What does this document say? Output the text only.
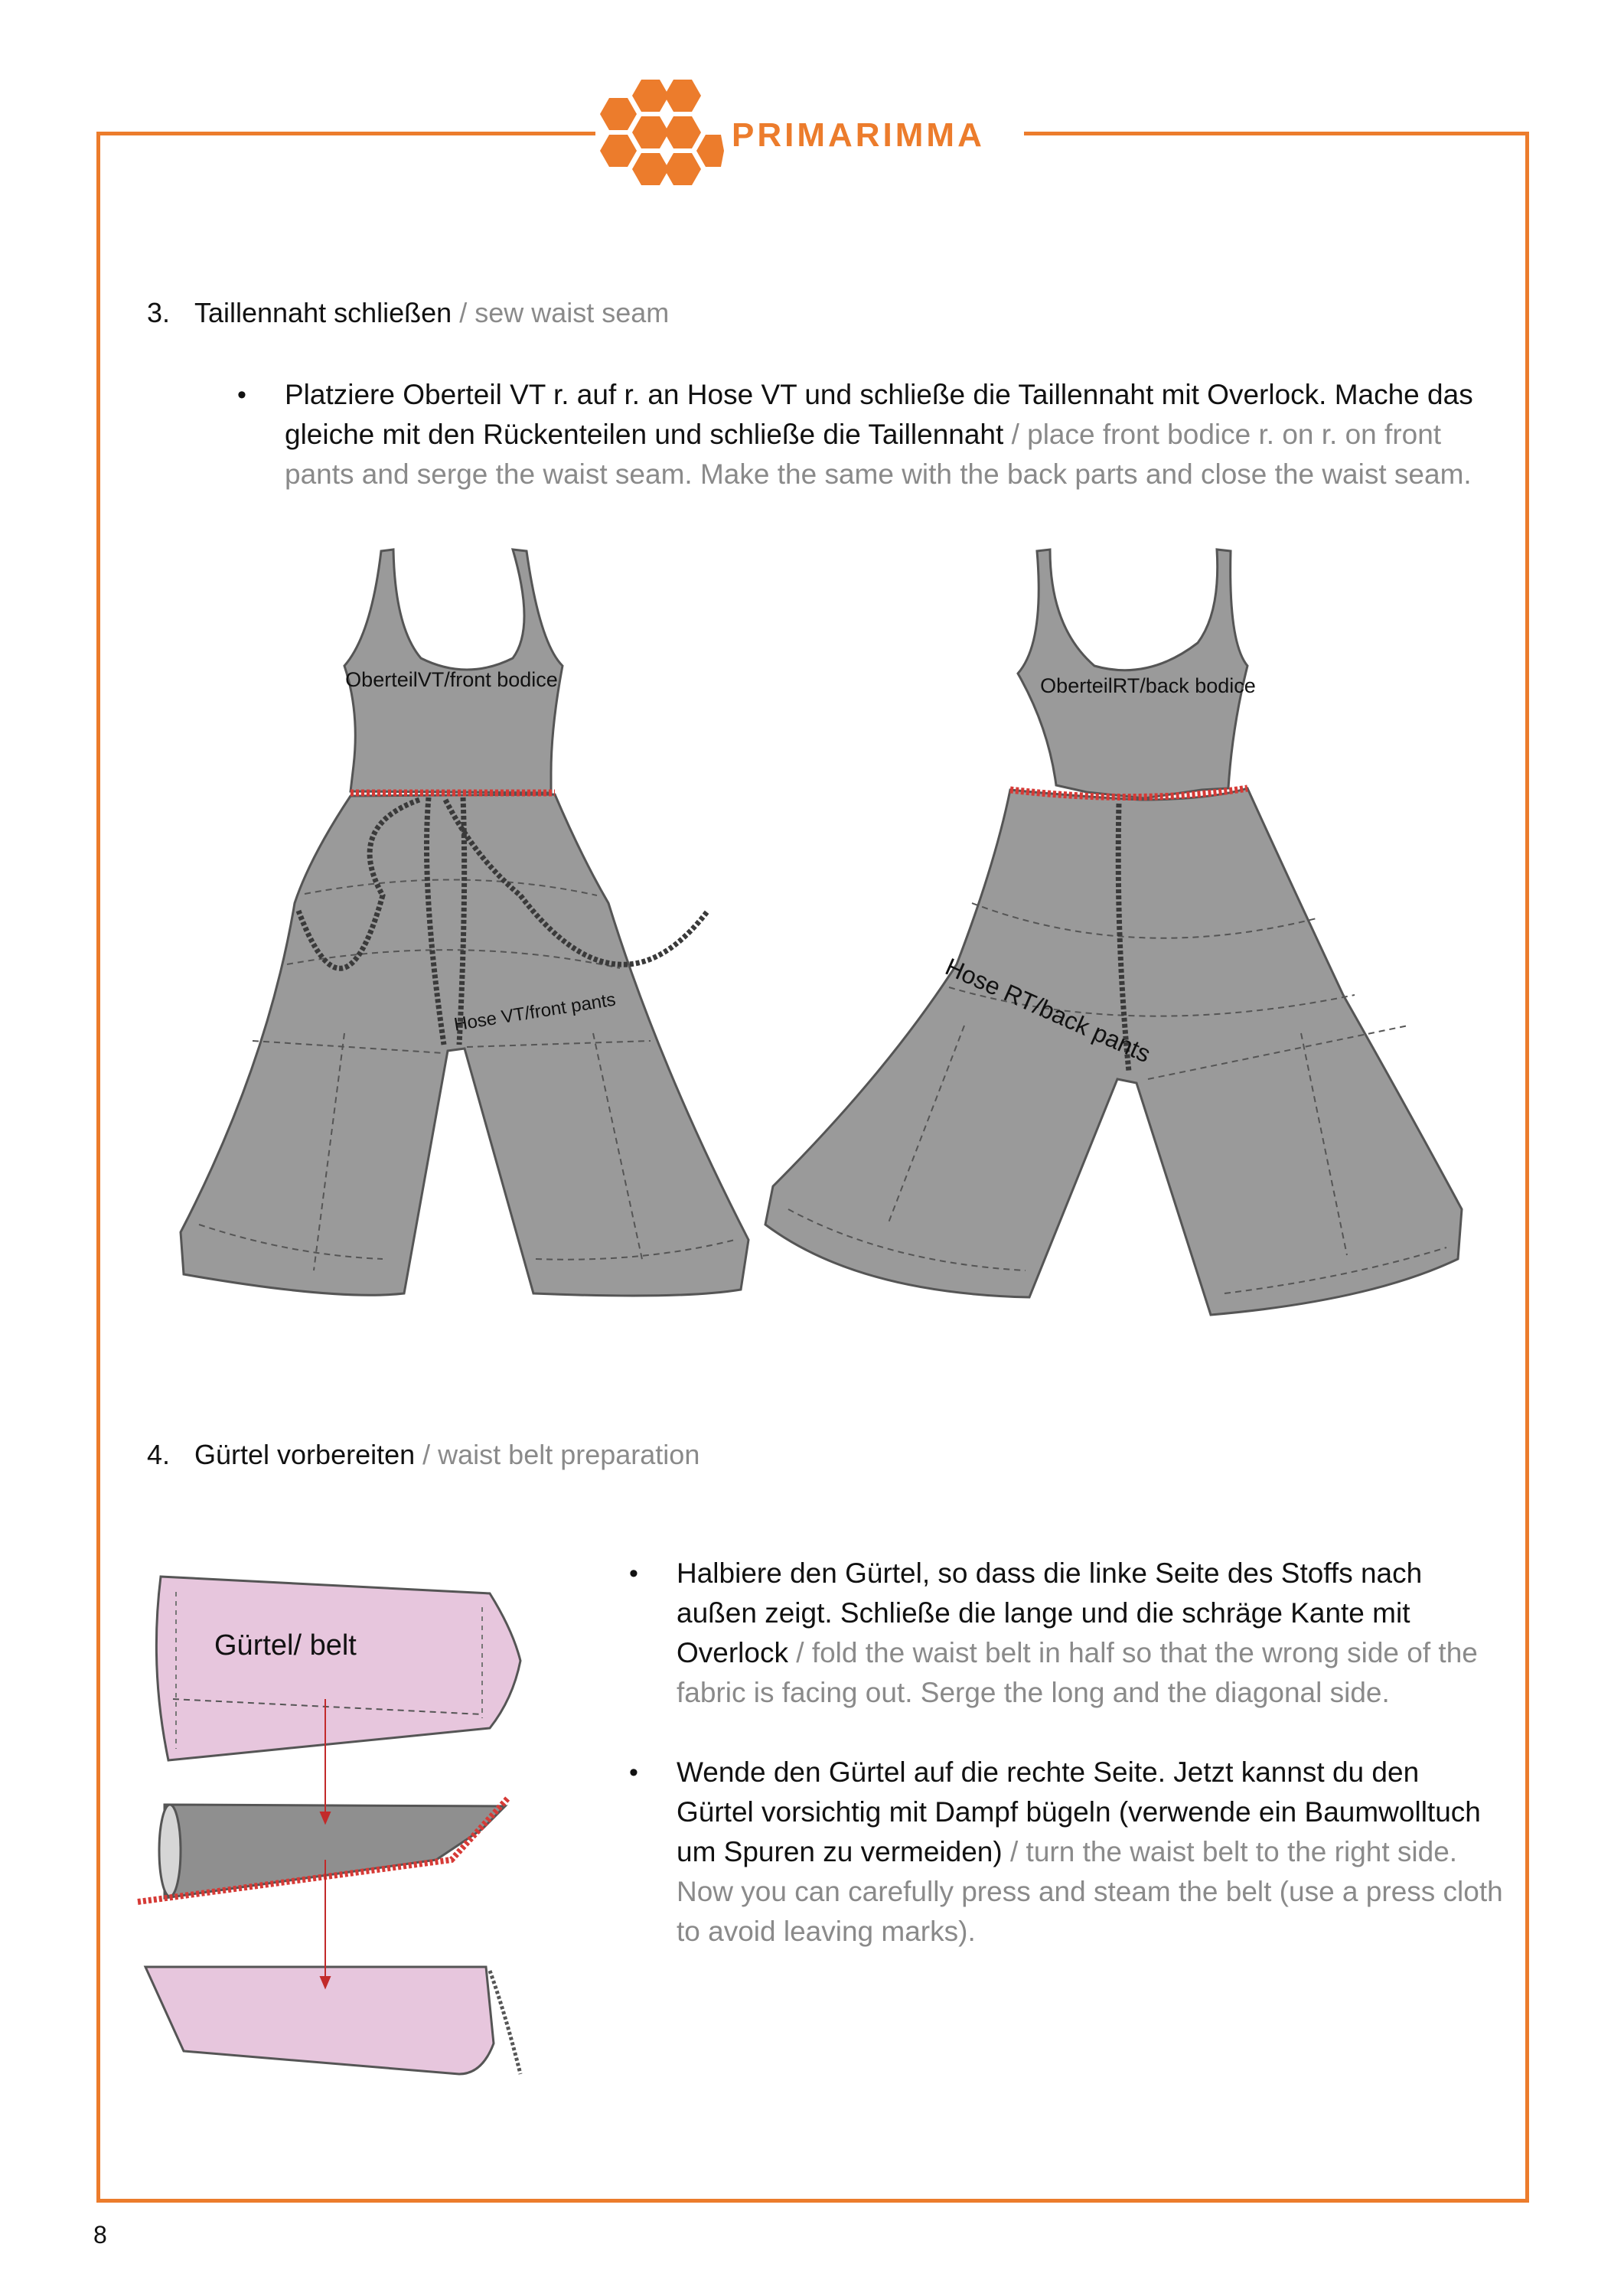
PRIMARIMMA
3. Taillennaht schließen / sew waist seam
• Platziere Oberteil VT r. auf r. an Hose VT und schließe die Taillennaht mit Overlock. Mache das gleiche mit den Rückenteilen und schließe die Taillennaht / place front bodice r. on r. on front pants and serge the waist seam. Make the same with the back parts and close the waist seam.
OberteilVT/front bodice
Hose VT/front pants
OberteilRT/back bodice
Hose RT/back pants
4. Gürtel vorbereiten / waist belt preparation
Gürtel/ belt
• Halbiere den Gürtel, so dass die linke Seite des Stoffs nach außen zeigt. Schließe die lange und die schräge Kante mit Overlock / fold the waist belt in half so that the wrong side of the fabric is facing out. Serge the long and the diagonal side.
• Wende den Gürtel auf die rechte Seite. Jetzt kannst du den Gürtel vorsichtig mit Dampf bügeln (verwende ein Baumwolltuch um Spuren zu vermeiden) / turn the waist belt to the right side. Now you can carefully press and steam the belt (use a press cloth to avoid leaving marks).
8
